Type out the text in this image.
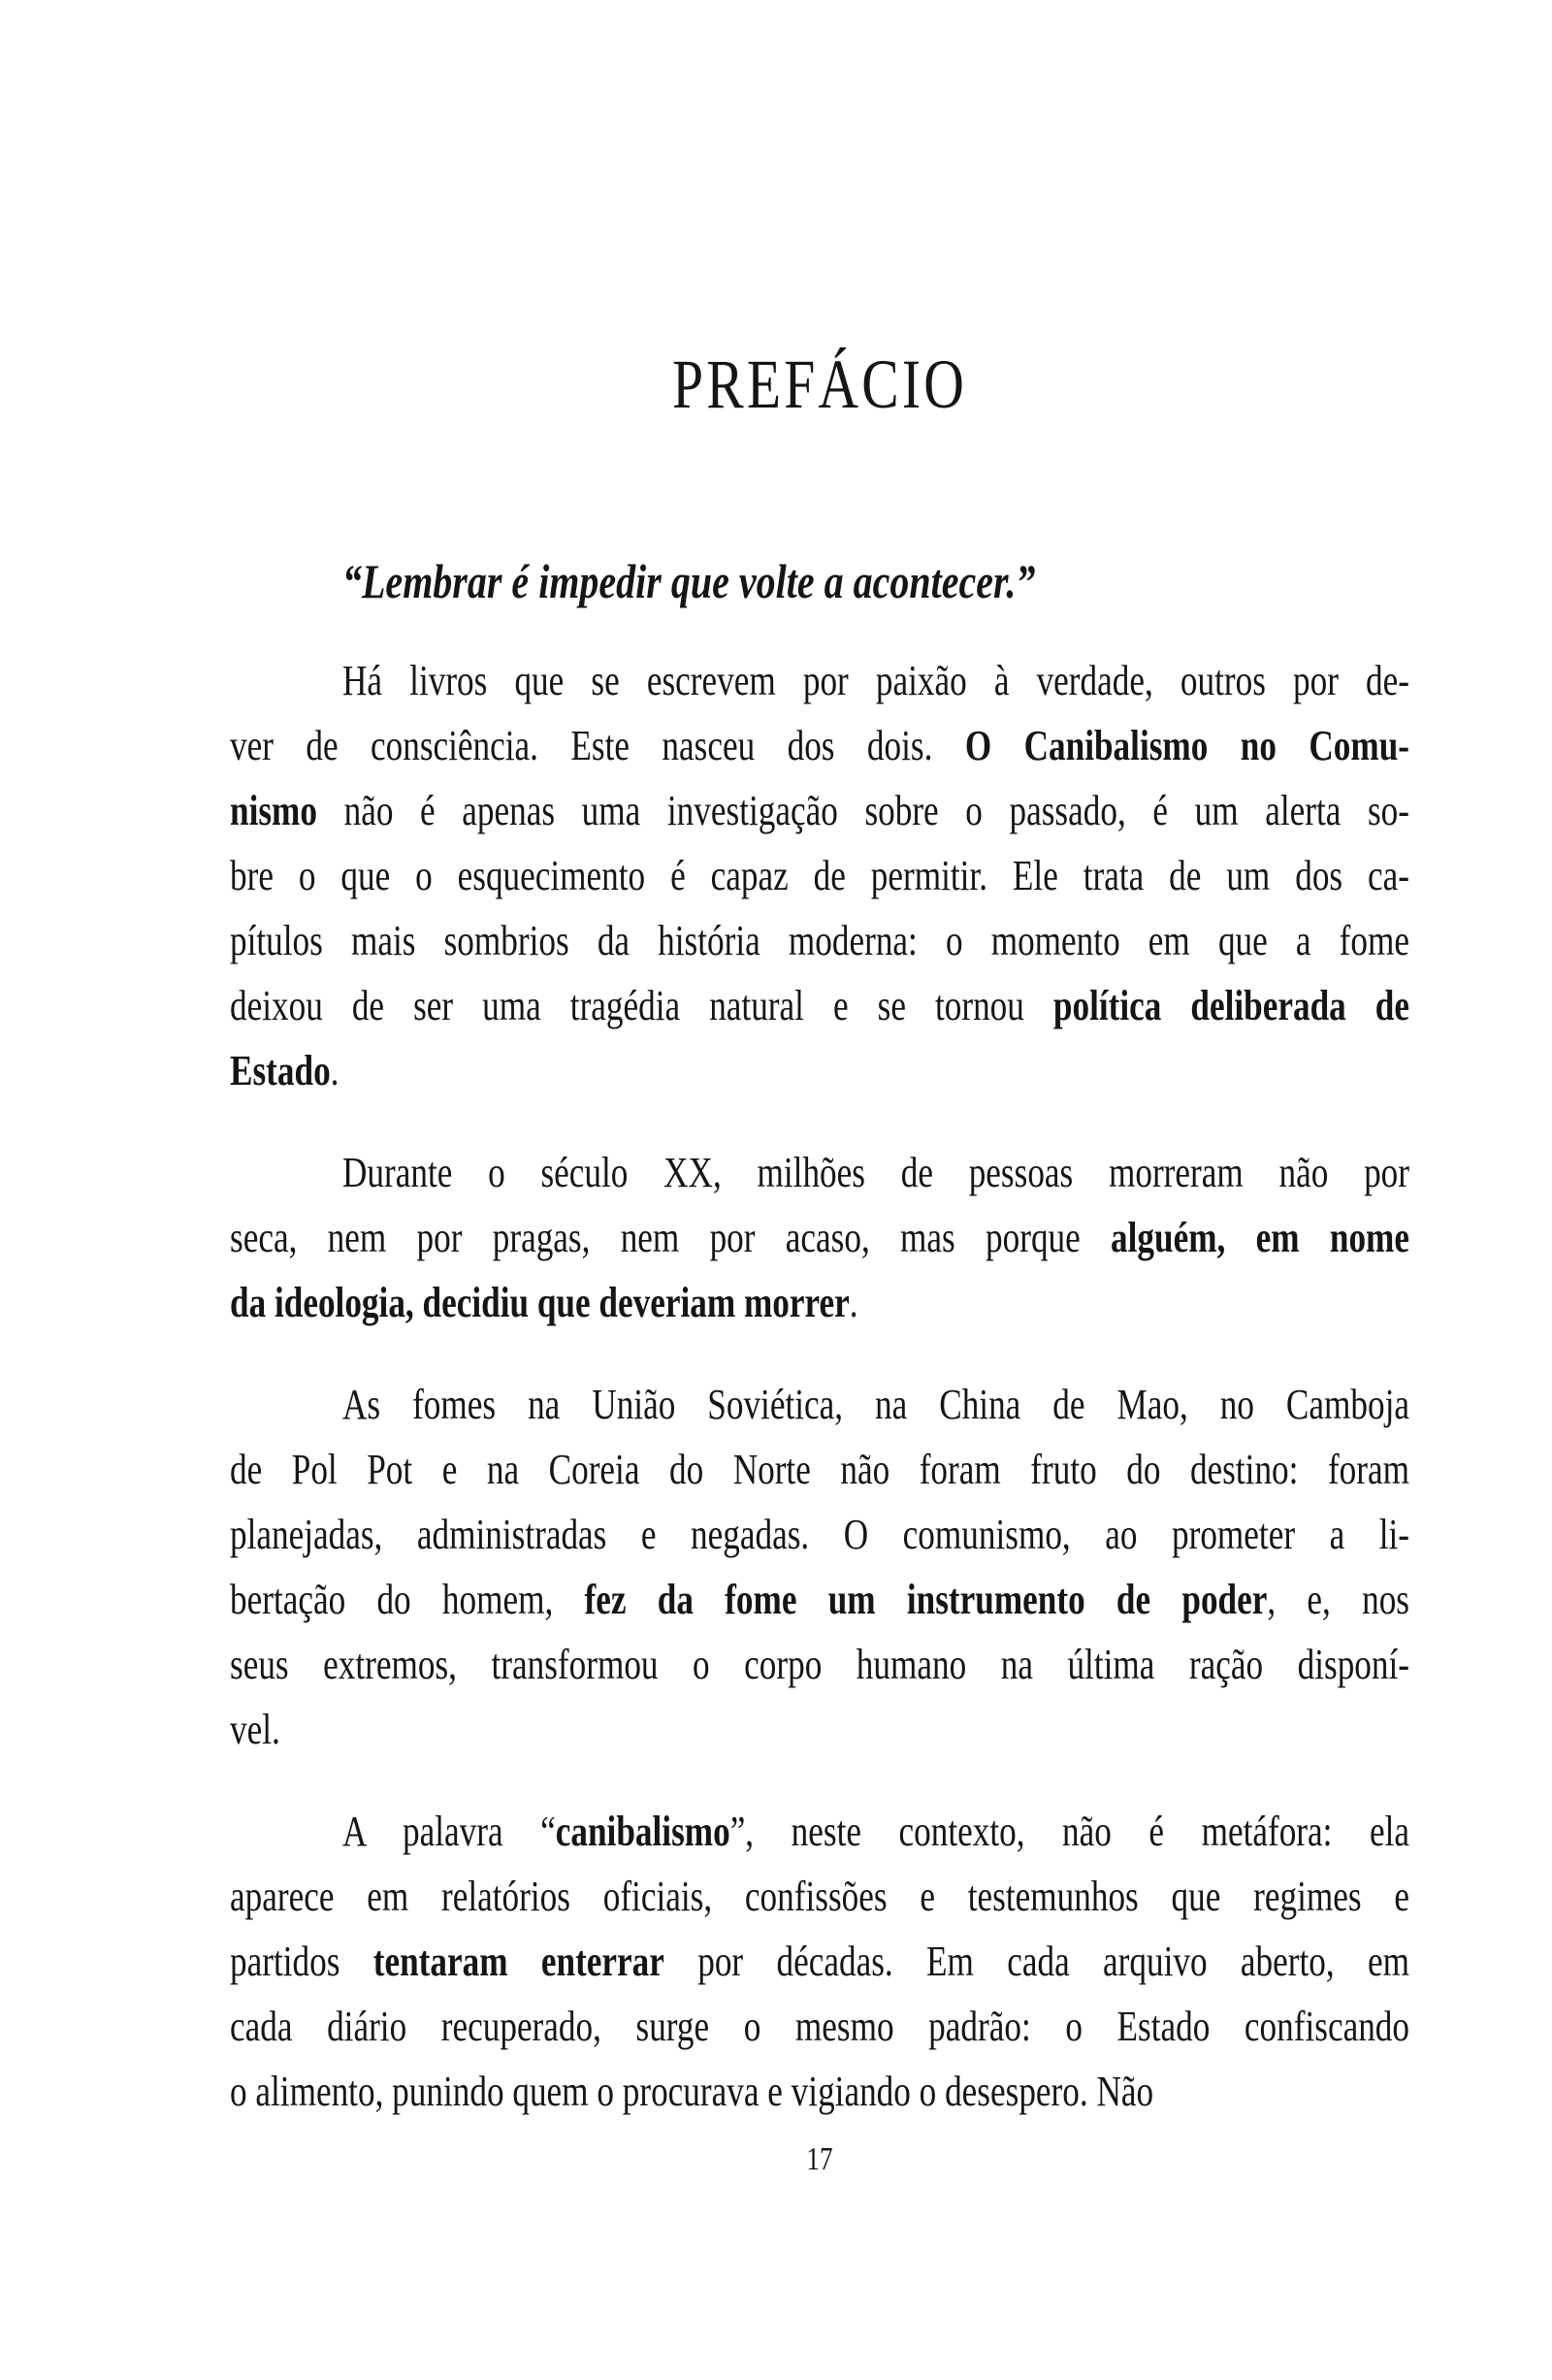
PREFÁCIO
“Lembrar é impedir que volte a acontecer.”
Há livros que se escrevem por paixão à verdade, outros por de-
ver de consciência. Este nasceu dos dois. O Canibalismo no Comu-
nismo não é apenas uma investigação sobre o passado, é um alerta so-
bre o que o esquecimento é capaz de permitir. Ele trata de um dos ca-
pítulos mais sombrios da história moderna: o momento em que a fome
deixou de ser uma tragédia natural e se tornou política deliberada de
Estado.
Durante o século XX, milhões de pessoas morreram não por
seca, nem por pragas, nem por acaso, mas porque alguém, em nome
da ideologia, decidiu que deveriam morrer.
As fomes na União Soviética, na China de Mao, no Camboja
de Pol Pot e na Coreia do Norte não foram fruto do destino: foram
planejadas, administradas e negadas. O comunismo, ao prometer a li-
bertação do homem, fez da fome um instrumento de poder, e, nos
seus extremos, transformou o corpo humano na última ração disponí-
vel.
A palavra “canibalismo”, neste contexto, não é metáfora: ela
aparece em relatórios oficiais, confissões e testemunhos que regimes e
partidos tentaram enterrar por décadas. Em cada arquivo aberto, em
cada diário recuperado, surge o mesmo padrão: o Estado confiscando
o alimento, punindo quem o procurava e vigiando o desespero. Não
17
